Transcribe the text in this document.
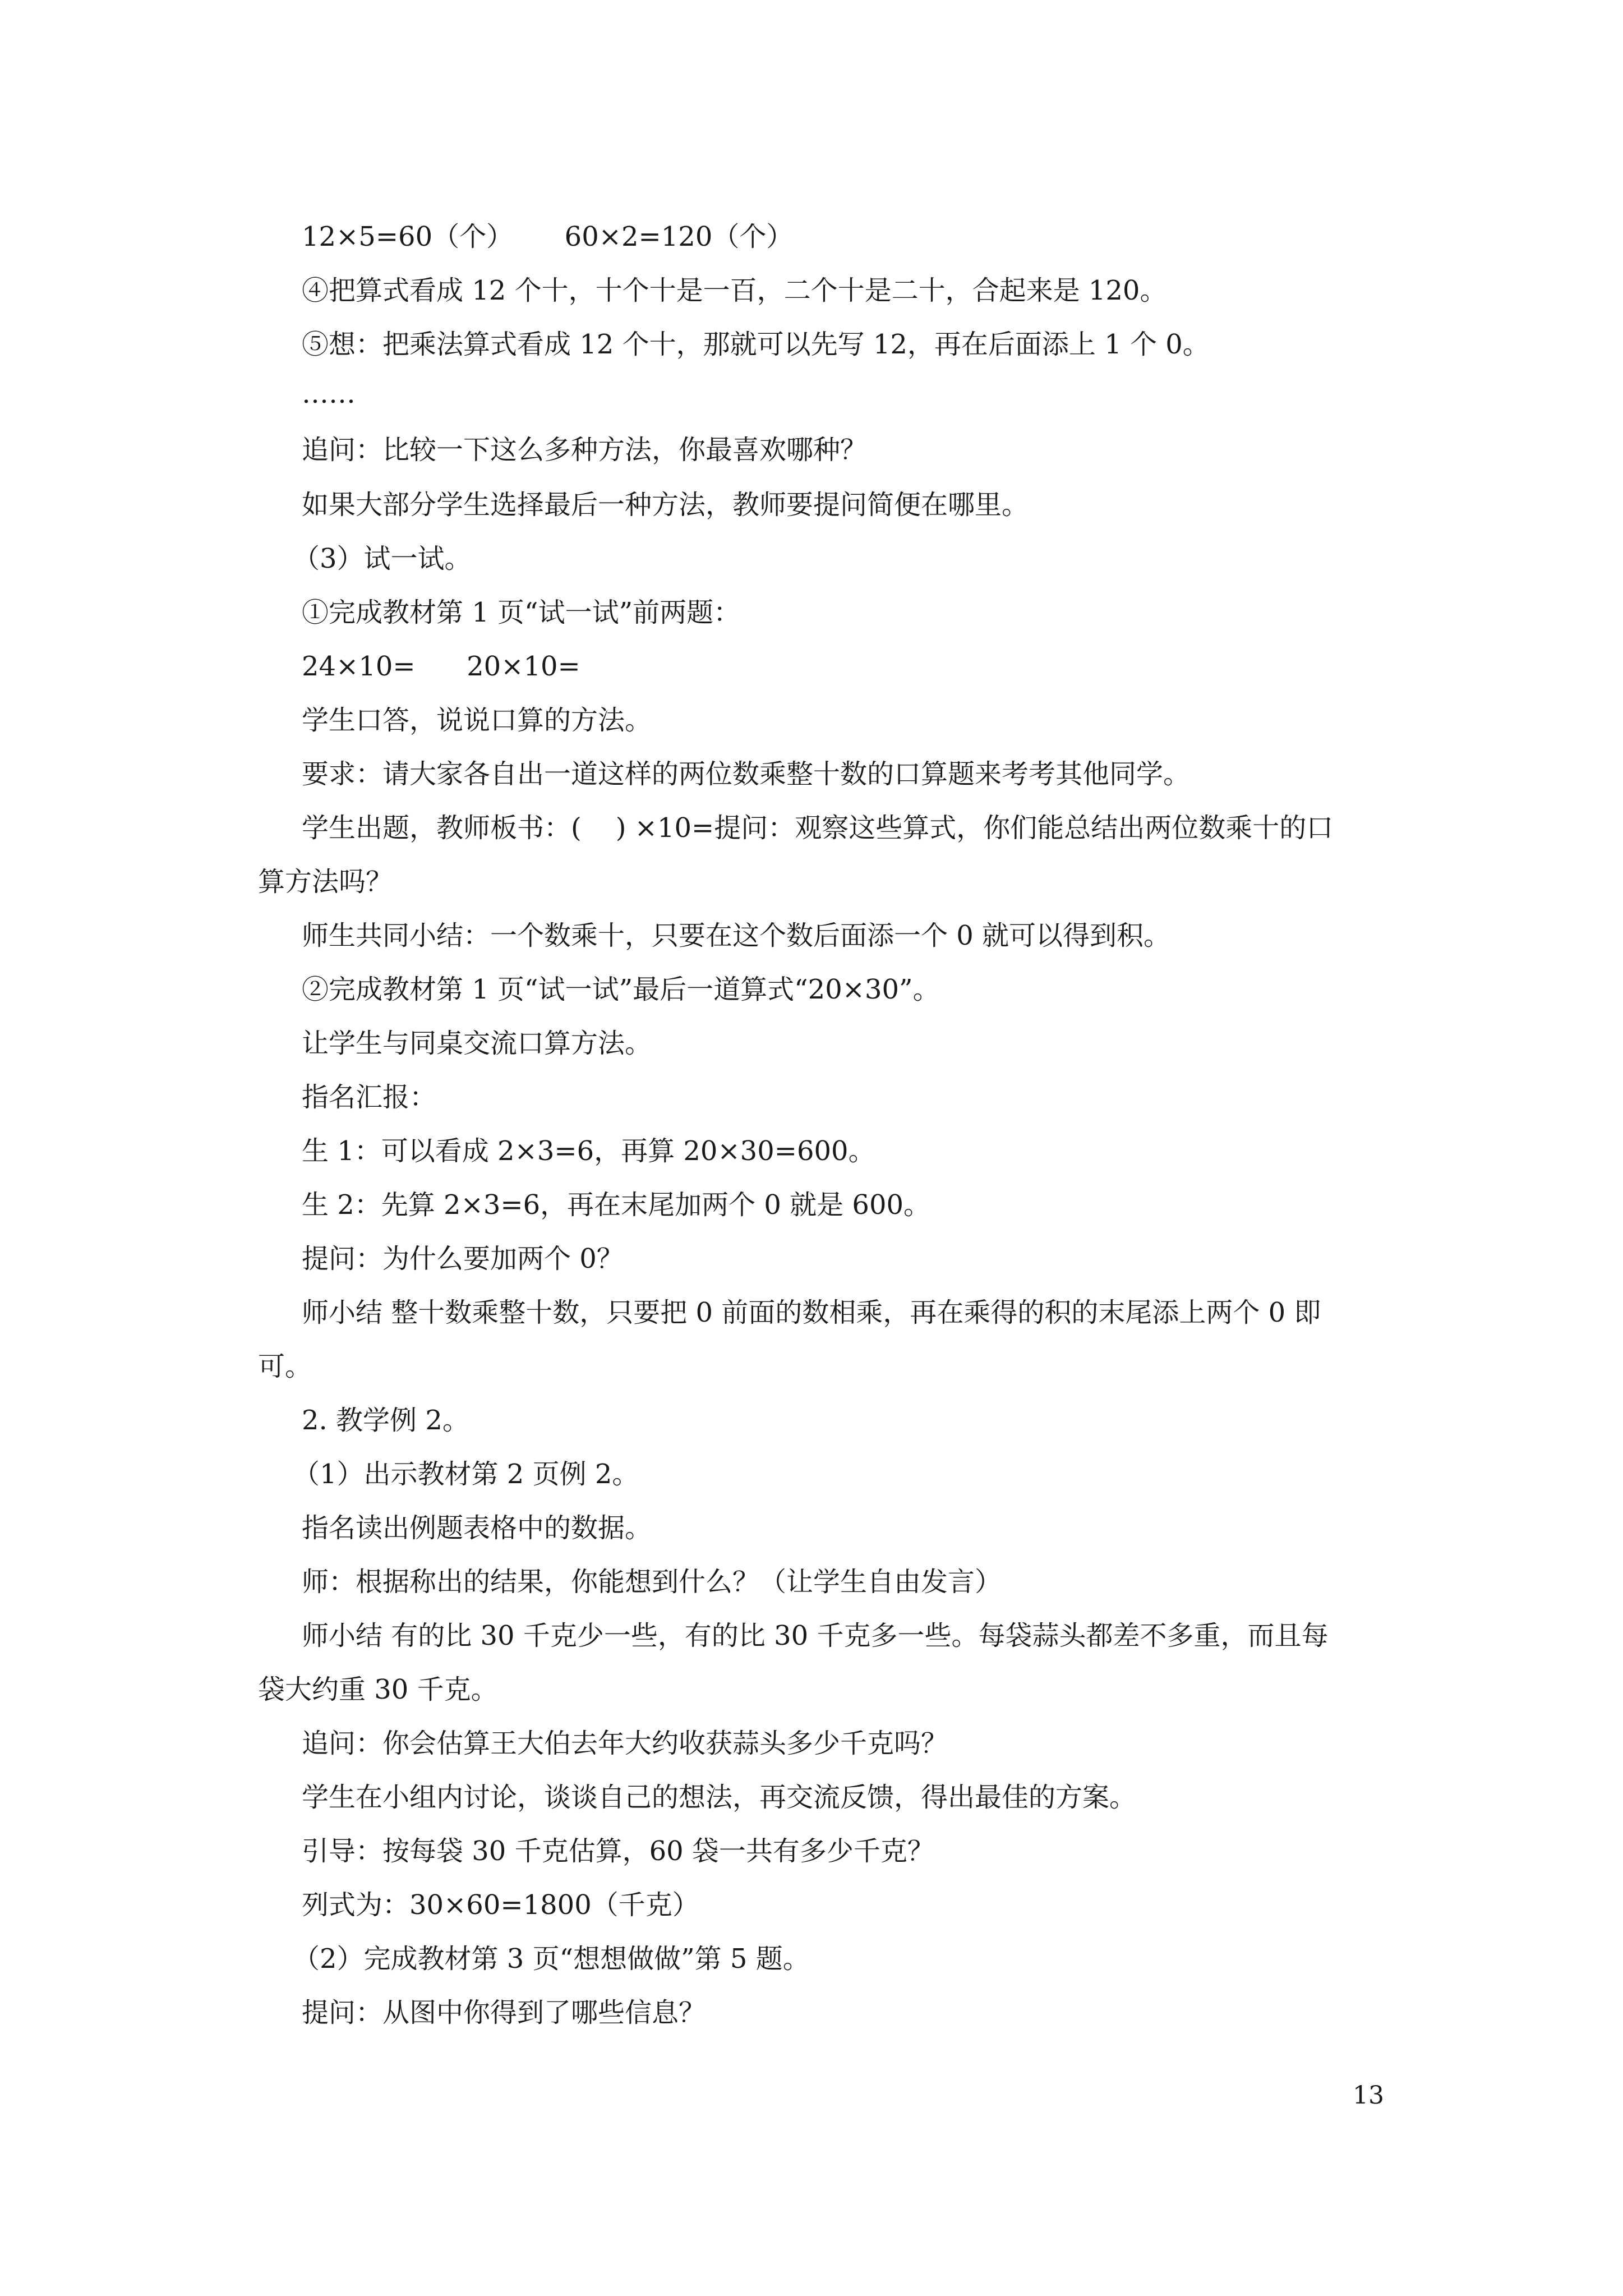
12×5=60（个）      60×2=120（个）
④把算式看成 12 个十，十个十是一百，二个十是二十，合起来是 120。
⑤想：把乘法算式看成 12 个十，那就可以先写 12，再在后面添上 1 个 0。
……
追问：比较一下这么多种方法，你最喜欢哪种？
如果大部分学生选择最后一种方法，教师要提问简便在哪里。
（3）试一试。
①完成教材第 1 页“试一试”前两题：
24×10=      20×10=
学生口答，说说口算的方法。
要求：请大家各自出一道这样的两位数乘整十数的口算题来考考其他同学。
学生出题，教师板书：(    ) ×10=提问：观察这些算式，你们能总结出两位数乘十的口
算方法吗？
师生共同小结：一个数乘十，只要在这个数后面添一个 0 就可以得到积。
②完成教材第 1 页“试一试”最后一道算式“20×30”。
让学生与同桌交流口算方法。
指名汇报：
生 1：可以看成 2×3=6，再算 20×30=600。
生 2：先算 2×3=6，再在末尾加两个 0 就是 600。
提问：为什么要加两个 0？
师小结 整十数乘整十数，只要把 0 前面的数相乘，再在乘得的积的末尾添上两个 0 即
可。
2. 教学例 2。
（1）出示教材第 2 页例 2。
指名读出例题表格中的数据。
师：根据称出的结果，你能想到什么？（让学生自由发言）
师小结 有的比 30 千克少一些，有的比 30 千克多一些。每袋蒜头都差不多重，而且每
袋大约重 30 千克。
追问：你会估算王大伯去年大约收获蒜头多少千克吗？
学生在小组内讨论，谈谈自己的想法，再交流反馈，得出最佳的方案。
引导：按每袋 30 千克估算，60 袋一共有多少千克？
列式为：30×60=1800（千克）
（2）完成教材第 3 页“想想做做”第 5 题。
提问：从图中你得到了哪些信息？
13
